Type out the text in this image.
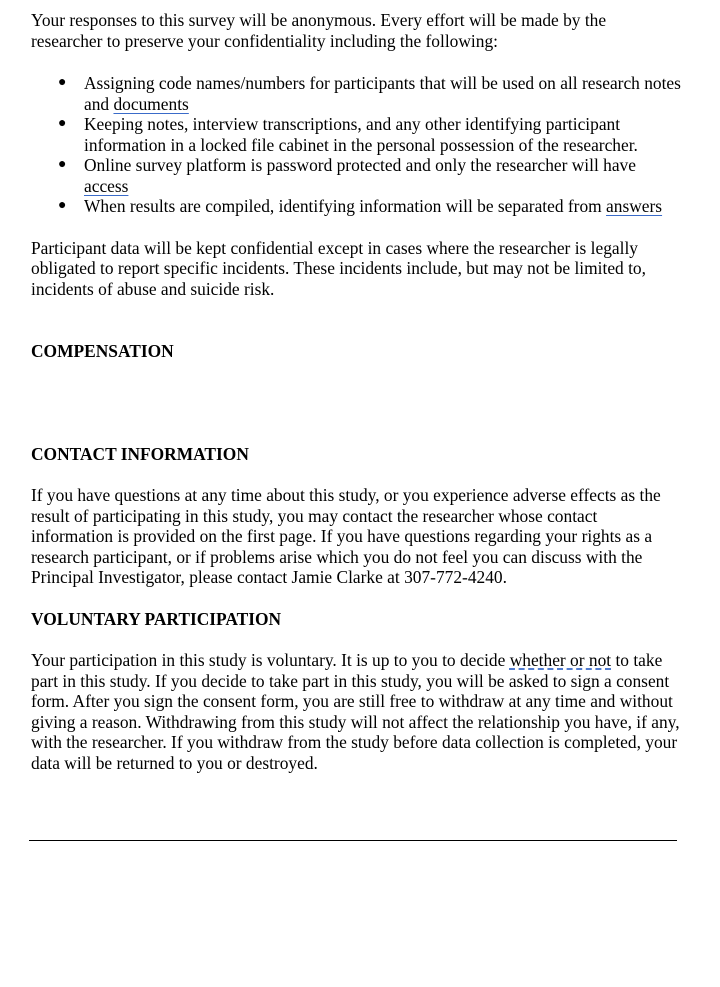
Your responses to this survey will be anonymous. Every effort will be made by the researcher to preserve your confidentiality including the following:

● Assigning code names/numbers for participants that will be used on all research notes and documents
● Keeping notes, interview transcriptions, and any other identifying participant information in a locked file cabinet in the personal possession of the researcher.
● Online survey platform is password protected and only the researcher will have access
● When results are compiled, identifying information will be separated from answers

Participant data will be kept confidential except in cases where the researcher is legally obligated to report specific incidents. These incidents include, but may not be limited to, incidents of abuse and suicide risk.

COMPENSATION

CONTACT INFORMATION

If you have questions at any time about this study, or you experience adverse effects as the result of participating in this study, you may contact the researcher whose contact information is provided on the first page. If you have questions regarding your rights as a research participant, or if problems arise which you do not feel you can discuss with the Principal Investigator, please contact Jamie Clarke at 307-772-4240.

VOLUNTARY PARTICIPATION

Your participation in this study is voluntary. It is up to you to decide whether or not to take part in this study. If you decide to take part in this study, you will be asked to sign a consent form. After you sign the consent form, you are still free to withdraw at any time and without giving a reason. Withdrawing from this study will not affect the relationship you have, if any, with the researcher. If you withdraw from the study before data collection is completed, your data will be returned to you or destroyed.
